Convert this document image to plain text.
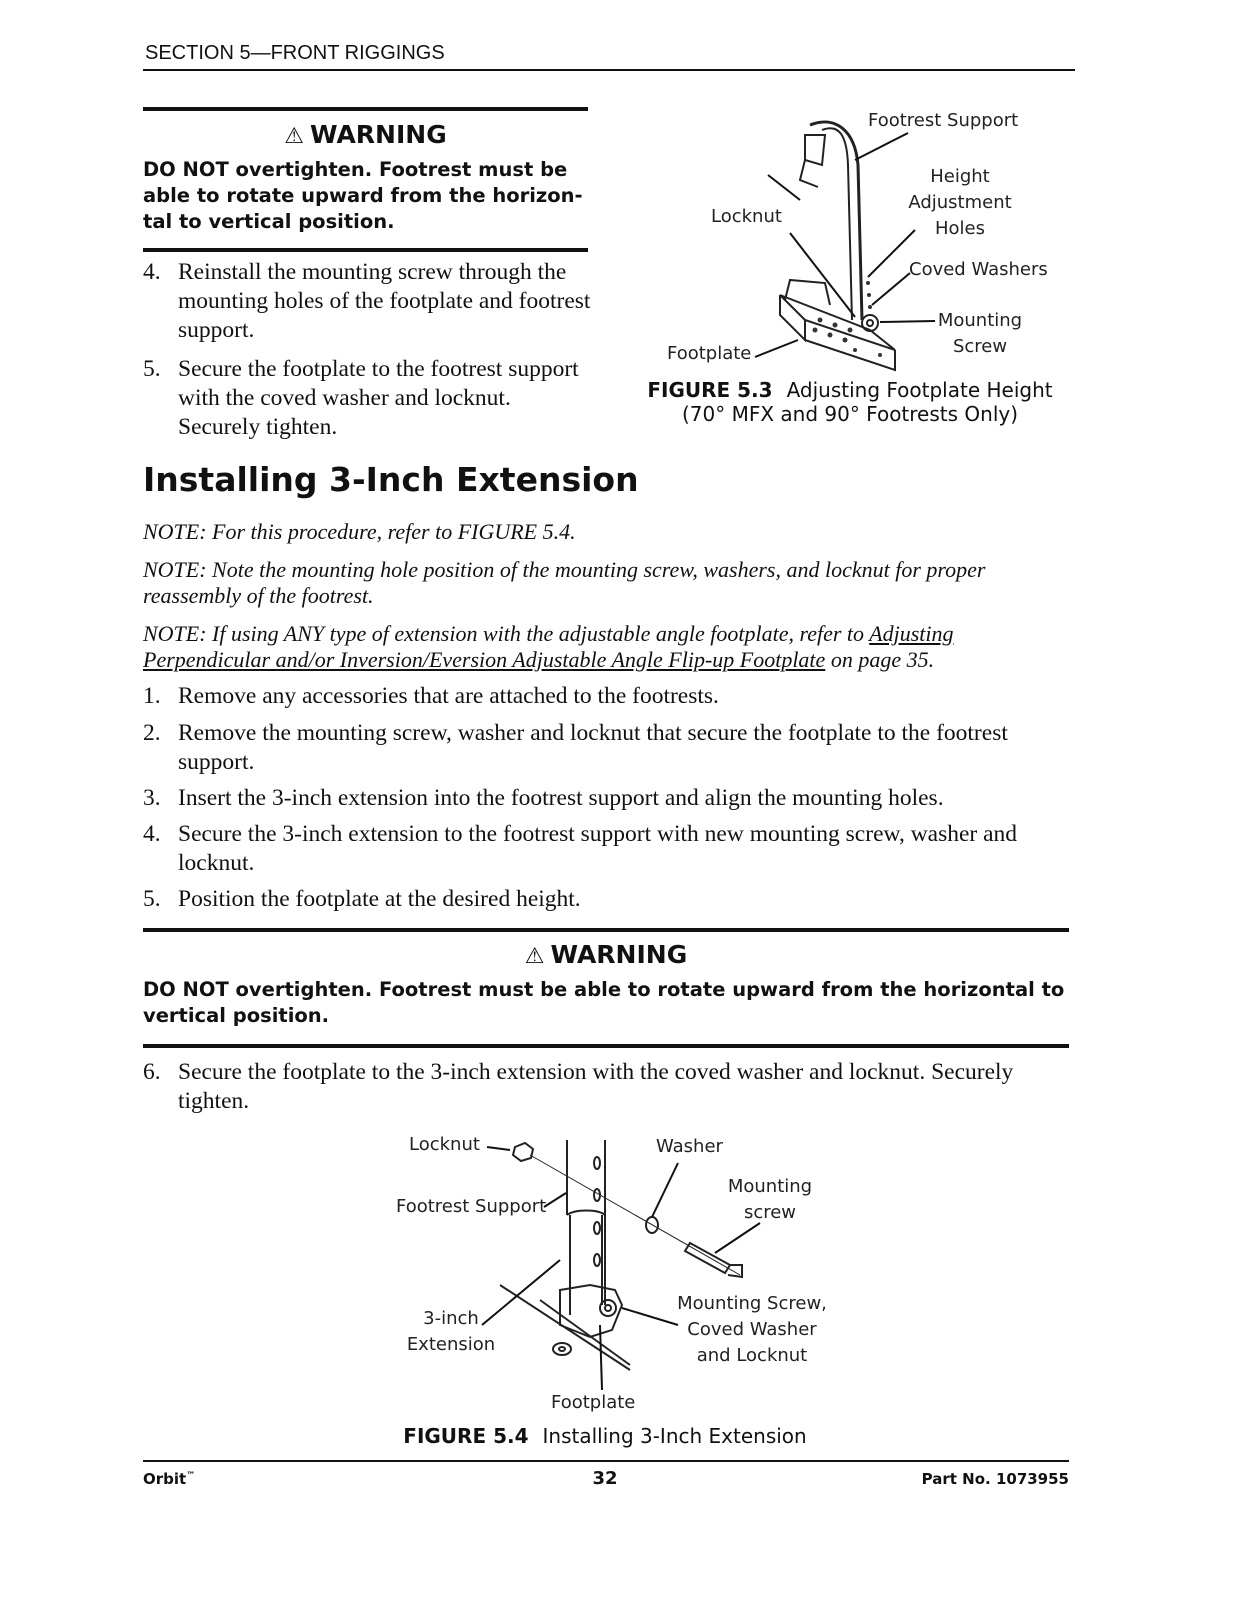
SECTION 5—FRONT RIGGINGS
⚠ WARNING
DO NOT overtighten. Footrest must be able to rotate upward from the horizon-tal to vertical position.
4. Reinstall the mounting screw through the mounting holes of the footplate and footrest support.
5. Secure the footplate to the footrest support with the coved washer and locknut. Securely tighten.
Footrest Support
Height Adjustment Holes
Locknut
Coved Washers
Mounting Screw
Footplate
FIGURE 5.3 Adjusting Footplate Height
(70° MFX and 90° Footrests Only)
Installing 3-Inch Extension
NOTE: For this procedure, refer to FIGURE 5.4.
NOTE: Note the mounting hole position of the mounting screw, washers, and locknut for proper reassembly of the footrest.
NOTE: If using ANY type of extension with the adjustable angle footplate, refer to Adjusting Perpendicular and/or Inversion/Eversion Adjustable Angle Flip-up Footplate on page 35.
1. Remove any accessories that are attached to the footrests.
2. Remove the mounting screw, washer and locknut that secure the footplate to the footrest support.
3. Insert the 3-inch extension into the footrest support and align the mounting holes.
4. Secure the 3-inch extension to the footrest support with new mounting screw, washer and locknut.
5. Position the footplate at the desired height.
⚠ WARNING
DO NOT overtighten. Footrest must be able to rotate upward from the horizontal to vertical position.
6. Secure the footplate to the 3-inch extension with the coved washer and locknut. Securely tighten.
Locknut	Washer
Mounting screw
Footrest Support
3-inch Extension
Mounting Screw, Coved Washer and Locknut
Footplate
FIGURE 5.4 Installing 3-Inch Extension
Orbit™	32	Part No. 1073955
